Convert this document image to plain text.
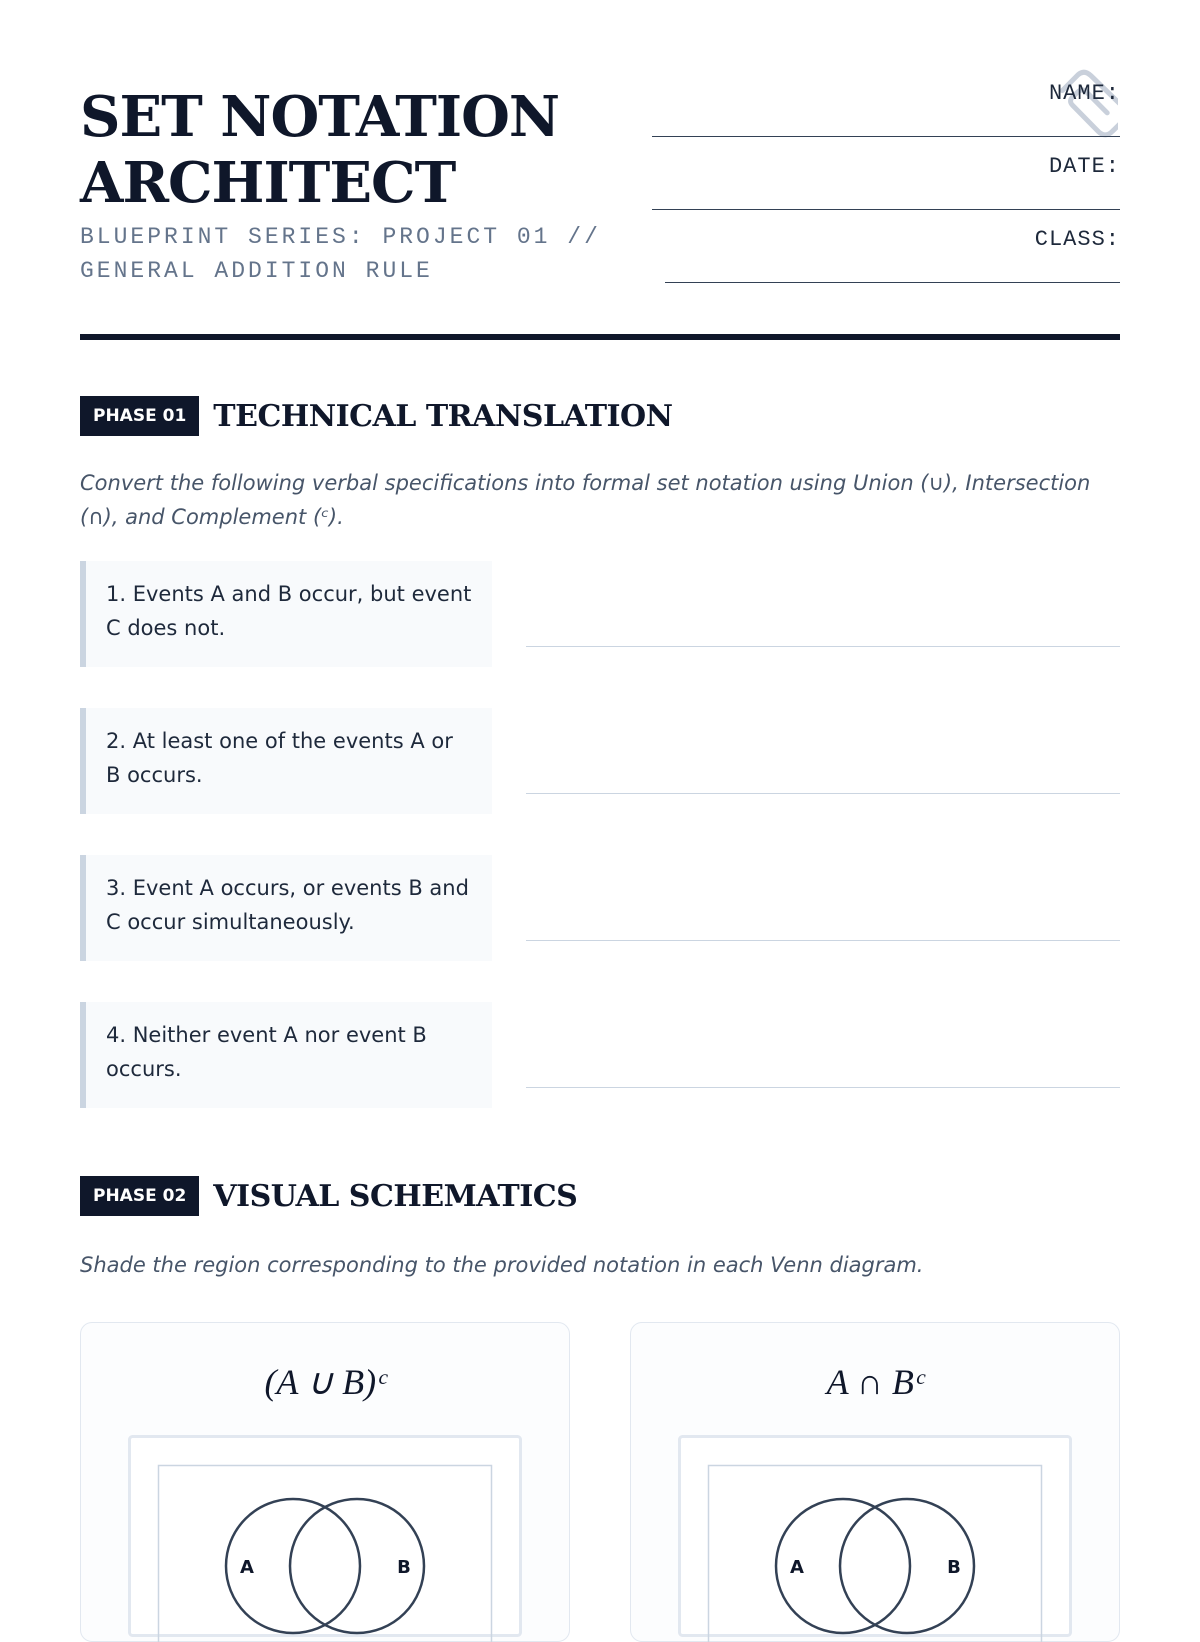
SET NOTATION
ARCHITECT

BLUEPRINT SERIES: PROJECT 01 //
GENERAL ADDITION RULE

NAME:
DATE:
CLASS:
PHASE 01 TECHNICAL TRANSLATION

Convert the following verbal specifications into formal set notation using Union (∪), Intersection (∩), and Complement (ᶜ).

1. Events A and B occur, but event C does not.
2. At least one of the events A or B occurs.
3. Event A occurs, or events B and C occur simultaneously.
4. Neither event A nor event B occurs.
PHASE 02 VISUAL SCHEMATICS

Shade the region corresponding to the provided notation in each Venn diagram.

(A ∪ B)ᶜ
A	B
A ∩ Bᶜ
A	B
